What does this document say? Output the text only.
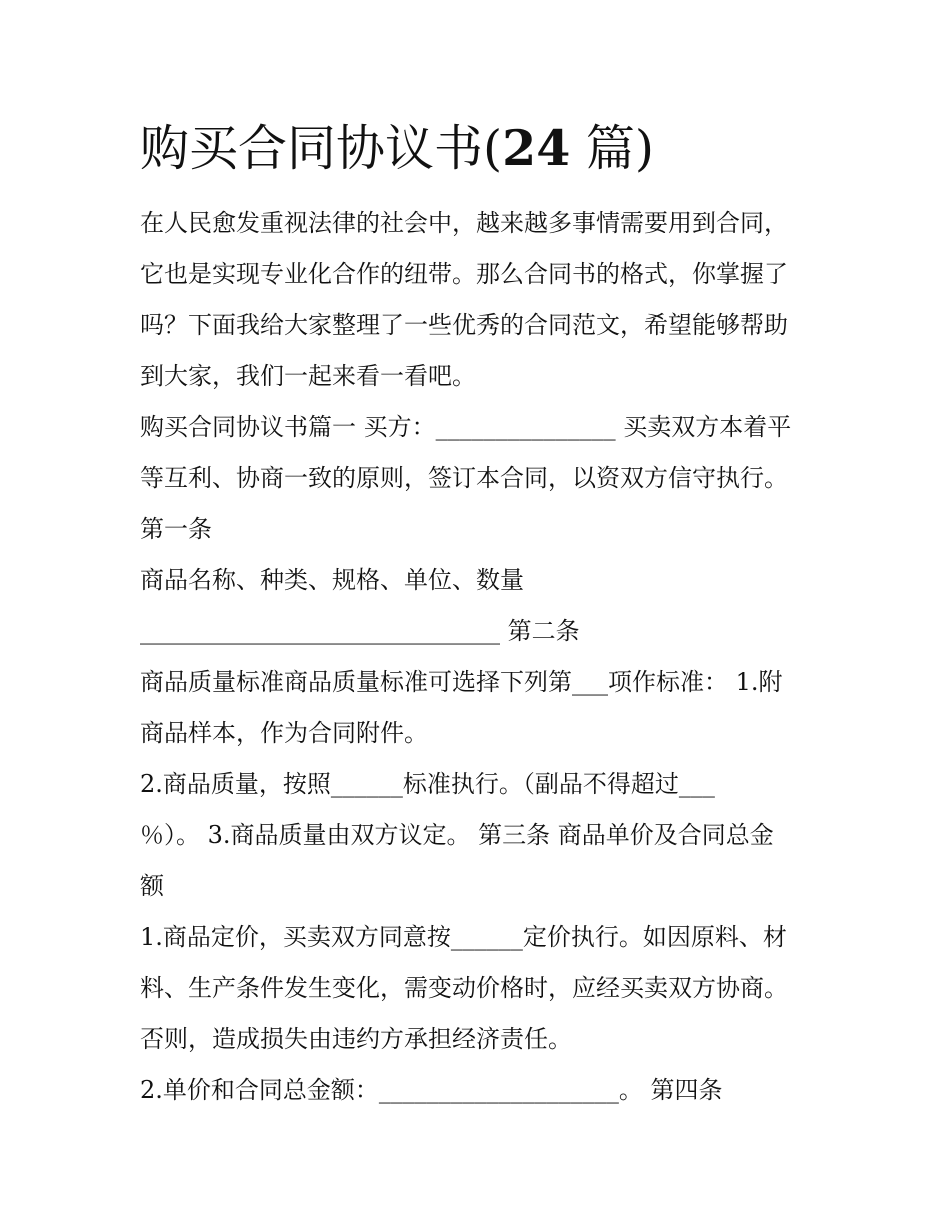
购买合同协议书(24 篇)
在人民愈发重视法律的社会中，越来越多事情需要用到合同，
它也是实现专业化合作的纽带。那么合同书的格式，你掌握了
吗？下面我给大家整理了一些优秀的合同范文，希望能够帮助
到大家，我们一起来看一看吧。
购买合同协议书篇一 买方：_______________ 买卖双方本着平
等互利、协商一致的原则，签订本合同，以资双方信守执行。
第一条
商品名称、种类、规格、单位、数量
______________________________ 第二条
商品质量标准商品质量标准可选择下列第___项作标准： 1.附
商品样本，作为合同附件。
2.商品质量，按照______标准执行。（副品不得超过___
％）。 3.商品质量由双方议定。 第三条 商品单价及合同总金
额
1.商品定价，买卖双方同意按______定价执行。如因原料、材
料、生产条件发生变化，需变动价格时，应经买卖双方协商。
否则，造成损失由违约方承担经济责任。
2.单价和合同总金额：____________________。 第四条
